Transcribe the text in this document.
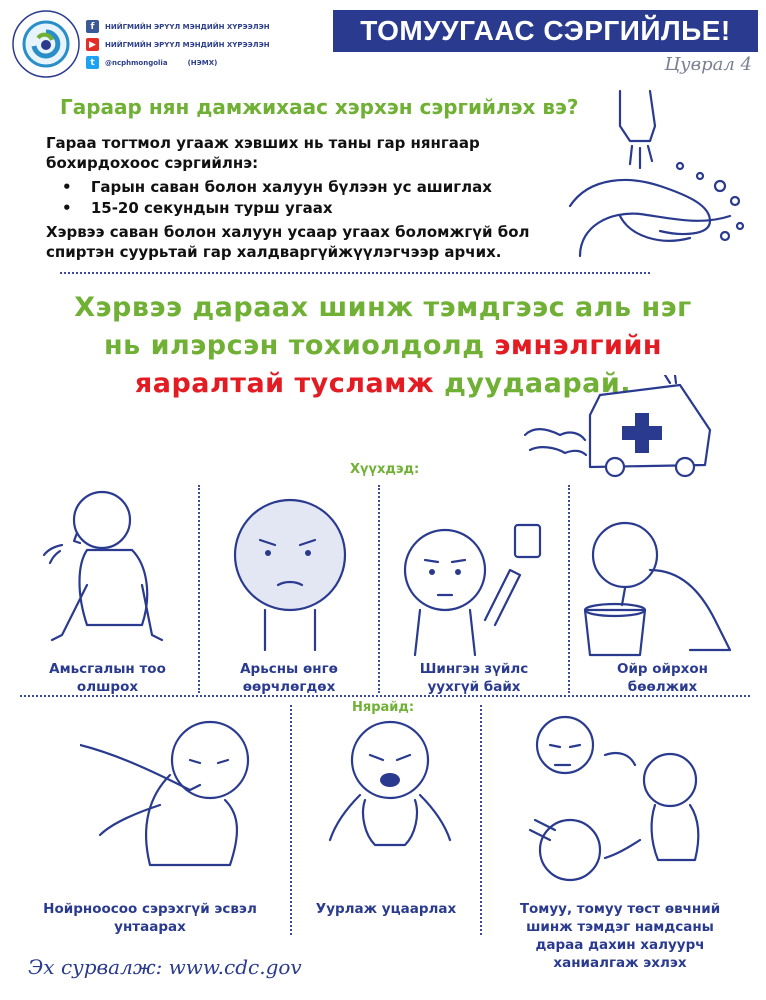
f	НИЙГМИЙН ЭРҮҮЛ МЭНДИЙН ХҮРЭЭЛЭН
▶	НИЙГМИЙН ЭРҮҮЛ МЭНДИЙН ХҮРЭЭЛЭН
t	@ncphmongolia	(НЭМХ)
ТОМУУГААС СЭРГИЙЛЬЕ!
Цуврал 4
Гараар нян дамжихаас хэрхэн сэргийлэх вэ?
Гараа тогтмол угааж хэвших нь таны гар нянгаар
бохирдохоос сэргийлнэ:
• Гарын саван болон халуун бүлээн ус ашиглах
• 15-20 секундын турш угаах
Хэрвээ саван болон халуун усаар угаах боломжгүй бол
спиртэн суурьтай гар халдваргүйжүүлэгчээр арчих.
Хэрвээ дараах шинж тэмдгээс аль нэг
нь илэрсэн тохиолдолд эмнэлгийн
яаралтай тусламж дуудаарай.
Хүүхдэд:
Амьсгалын тоо
олшрох
Арьсны өнгө
өөрчлөгдөх
Шингэн зүйлс
уухгүй байх
Ойр ойрхон
бөөлжих
Нярайд:
Нойрноосоо сэрэхгүй эсвэл
унтаарах
Уурлаж уцаарлах	Томуу, томуу төст өвчний
шинж тэмдэг намдсаны
дараа дахин халуурч
ханиалгаж эхлэх
Эх сурвалж: www.cdc.gov
